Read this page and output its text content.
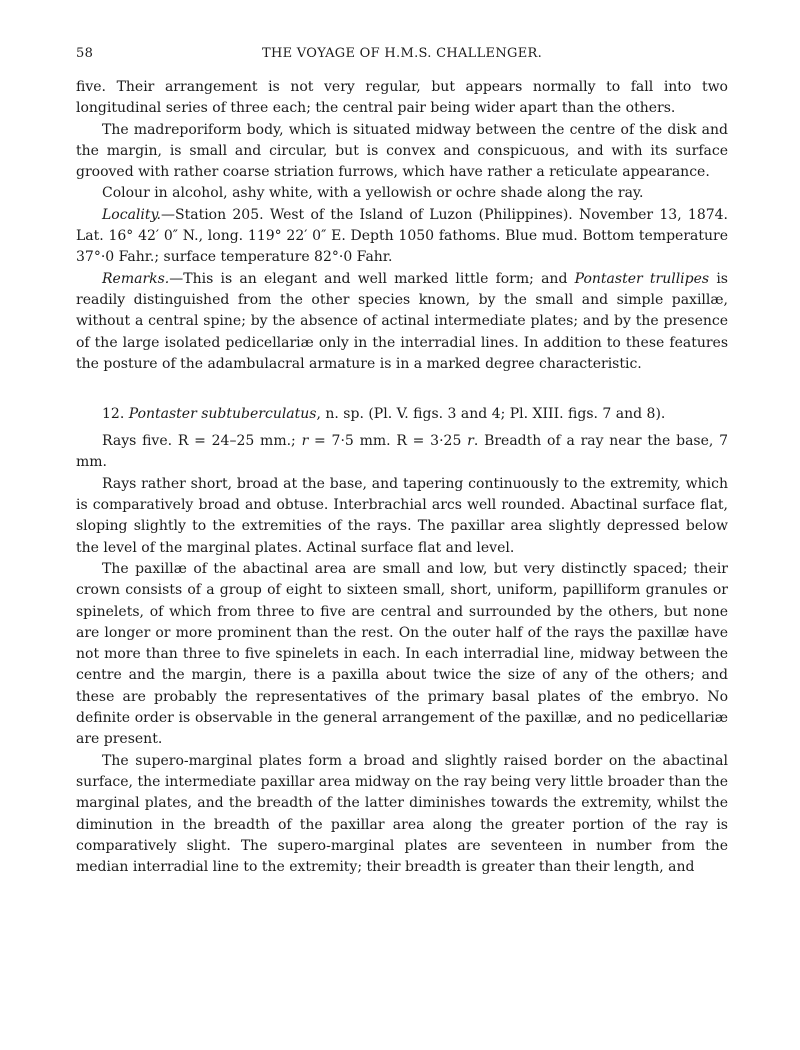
58	THE VOYAGE OF H.M.S. CHALLENGER.

five. Their arrangement is not very regular, but appears normally to fall into two longitudinal series of three each; the central pair being wider apart than the others.

The madreporiform body, which is situated midway between the centre of the disk and the margin, is small and circular, but is convex and conspicuous, and with its surface grooved with rather coarse striation furrows, which have rather a reticulate appearance.

Colour in alcohol, ashy white, with a yellowish or ochre shade along the ray.

Locality.—Station 205. West of the Island of Luzon (Philippines). November 13, 1874. Lat. 16° 42′ 0″ N., long. 119° 22′ 0″ E. Depth 1050 fathoms. Blue mud. Bottom temperature 37°·0 Fahr.; surface temperature 82°·0 Fahr.

Remarks.—This is an elegant and well marked little form; and Pontaster trullipes is readily distinguished from the other species known, by the small and simple paxillæ, without a central spine; by the absence of actinal intermediate plates; and by the presence of the large isolated pedicellariæ only in the interradial lines. In addition to these features the posture of the adambulacral armature is in a marked degree characteristic.

12. Pontaster subtuberculatus, n. sp. (Pl. V. figs. 3 and 4; Pl. XIII. figs. 7 and 8).

Rays five. R = 24–25 mm.; r = 7·5 mm. R = 3·25 r. Breadth of a ray near the base, 7 mm.

Rays rather short, broad at the base, and tapering continuously to the extremity, which is comparatively broad and obtuse. Interbrachial arcs well rounded. Abactinal surface flat, sloping slightly to the extremities of the rays. The paxillar area slightly depressed below the level of the marginal plates. Actinal surface flat and level.

The paxillæ of the abactinal area are small and low, but very distinctly spaced; their crown consists of a group of eight to sixteen small, short, uniform, papilliform granules or spinelets, of which from three to five are central and surrounded by the others, but none are longer or more prominent than the rest. On the outer half of the rays the paxillæ have not more than three to five spinelets in each. In each interradial line, midway between the centre and the margin, there is a paxilla about twice the size of any of the others; and these are probably the representatives of the primary basal plates of the embryo. No definite order is observable in the general arrangement of the paxillæ, and no pedicellariæ are present.

The supero-marginal plates form a broad and slightly raised border on the abactinal surface, the intermediate paxillar area midway on the ray being very little broader than the marginal plates, and the breadth of the latter diminishes towards the extremity, whilst the diminution in the breadth of the paxillar area along the greater portion of the ray is comparatively slight. The supero-marginal plates are seventeen in number from the median interradial line to the extremity; their breadth is greater than their length, and
